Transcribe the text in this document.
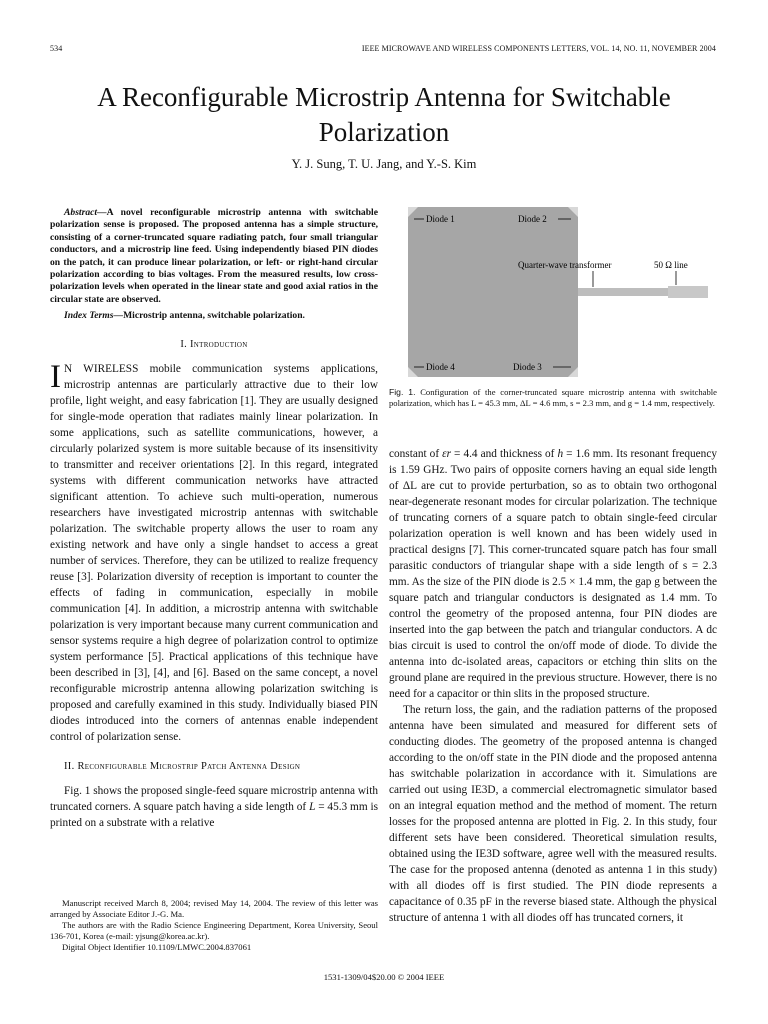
534	IEEE MICROWAVE AND WIRELESS COMPONENTS LETTERS, VOL. 14, NO. 11, NOVEMBER 2004
A Reconfigurable Microstrip Antenna for Switchable Polarization
Y. J. Sung, T. U. Jang, and Y.-S. Kim

Abstract—A novel reconfigurable microstrip antenna with switchable polarization sense is proposed. The proposed antenna has a simple structure, consisting of a corner-truncated square radiating patch, four small triangular conductors, and a microstrip line feed. Using independently biased PIN diodes on the patch, it can produce linear polarization, or left- or right-hand circular polarization according to bias voltages. From the measured results, low cross-polarization levels when operated in the linear state and good axial ratios in the circular state are observed.

Index Terms—Microstrip antenna, switchable polarization.

I. Introduction

I N WIRELESS mobile communication systems applications, microstrip antennas are particularly attractive due to their low profile, light weight, and easy fabrication [1]. They are usually designed for single-mode operation that radiates mainly linear polarization. In some applications, such as satellite communications, however, a circularly polarized system is more suitable because of its insensitivity to transmitter and receiver orientations [2]. In this regard, integrated systems with different communication networks have attracted significant attention. To achieve such multi-operation, numerous researchers have investigated microstrip antennas with switchable polarization. The switchable property allows the user to roam any existing network and have only a single handset to access a great number of services. Therefore, they can be utilized to realize frequency reuse [3]. Polarization diversity of reception is important to counter the effects of fading in communication, especially in mobile communication [4]. In addition, a microstrip antenna with switchable polarization is very important because many current communication and sensor systems require a high degree of polarization control to optimize system performance [5]. Practical applications of this technique have been described in [3], [4], and [6]. Based on the same concept, a novel reconfigurable microstrip antenna allowing polarization switching is proposed and carefully examined in this study. Individually biased PIN diodes introduced into the corners of antennas enable independent control of polarization sense.

II. Reconfigurable Microstrip Patch Antenna Design

Fig. 1 shows the proposed single-feed square microstrip antenna with truncated corners. A square patch having a side length of L = 45.3 mm is printed on a substrate with a relative

Manuscript received March 8, 2004; revised May 14, 2004. The review of this letter was arranged by Associate Editor J.-G. Ma.

The authors are with the Radio Science Engineering Department, Korea University, Seoul 136-701, Korea (e-mail: yjsung@korea.ac.kr).

Digital Object Identifier 10.1109/LMWC.2004.837061

Diode 1	Diode 2
Quarter-wave transformer	50 Ω line
Diode 4	Diode 3
Fig. 1. Configuration of the corner-truncated square microstrip antenna with switchable polarization, which has L = 45.3 mm, ΔL = 4.6 mm, s = 2.3 mm, and g = 1.4 mm, respectively.

constant of εr = 4.4 and thickness of h = 1.6 mm. Its resonant frequency is 1.59 GHz. Two pairs of opposite corners having an equal side length of ΔL are cut to provide perturbation, so as to obtain two orthogonal near-degenerate resonant modes for circular polarization. The technique of truncating corners of a square patch to obtain single-feed circular polarization operation is well known and has been widely used in practical designs [7]. This corner-truncated square patch has four small parasitic conductors of triangular shape with a side length of s = 2.3 mm. As the size of the PIN diode is 2.5 × 1.4 mm, the gap g between the square patch and triangular conductors is designated as 1.4 mm. To control the geometry of the proposed antenna, four PIN diodes are inserted into the gap between the patch and triangular conductors. A dc bias circuit is used to control the on/off mode of diode. To divide the antenna into dc-isolated areas, capacitors or etching thin slits on the ground plane are required in the previous structure. However, there is no need for a capacitor or thin slits in the proposed structure.

The return loss, the gain, and the radiation patterns of the proposed antenna have been simulated and measured for different sets of conducting diodes. The geometry of the proposed antenna is changed according to the on/off state in the PIN diode and the proposed antenna has switchable polarization in accordance with it. Simulations are carried out using IE3D, a commercial electromagnetic simulator based on an integral equation method and the method of moment. The return losses for the proposed antenna are plotted in Fig. 2. In this study, four different sets have been considered. Theoretical simulation results, obtained using the IE3D software, agree well with the measured results. The case for the proposed antenna (denoted as antenna 1 in this study) with all diodes off is first studied. The PIN diode represents a capacitance of 0.35 pF in the reverse biased state. Although the physical structure of antenna 1 with all diodes off has truncated corners, it

1531-1309/04$20.00 © 2004 IEEE
